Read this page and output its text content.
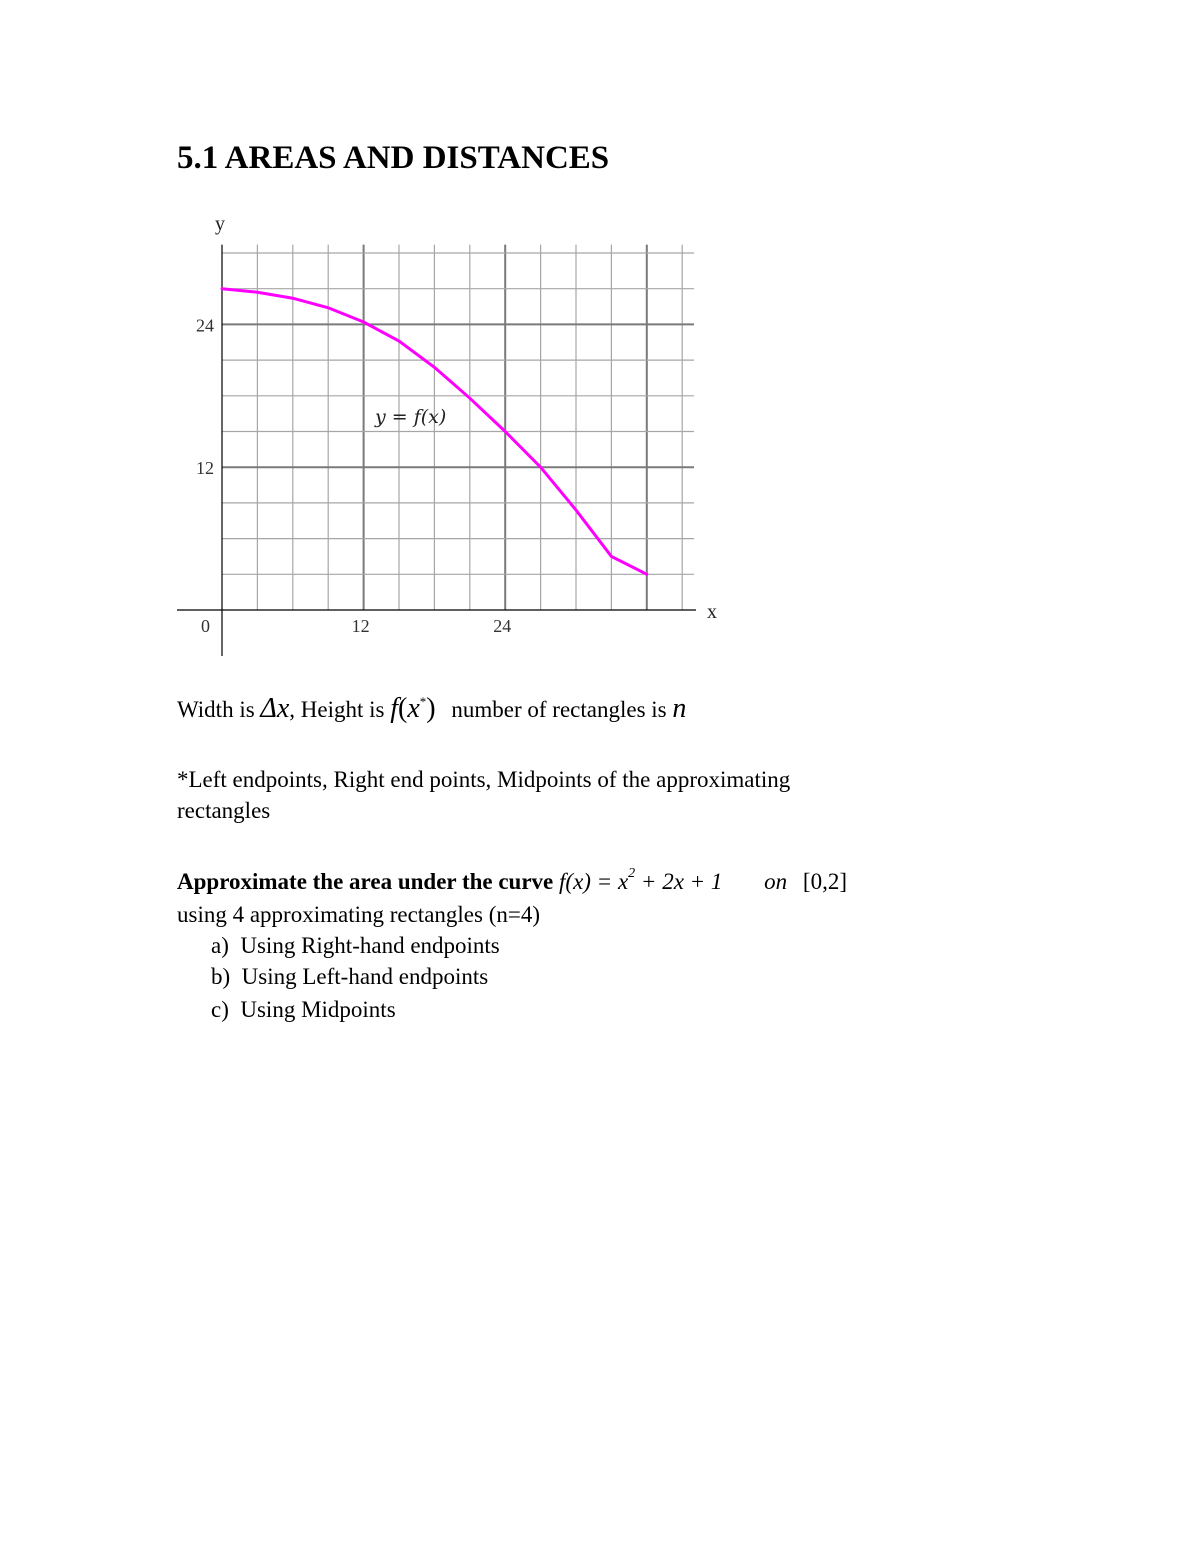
5.1 AREAS AND DISTANCES
x
y
0	12	24
24
12
y = f(x)
Width is Δx, Height is f(x*) number of rectangles is n
*Left endpoints, Right end points, Midpoints of the approximating
rectangles
Approximate the area under the curve $f(x) = x^2 + 2x + 1$ on [0,2]
using 4 approximating rectangles (n=4)
a) Using Right-hand endpoints
b) Using Left-hand endpoints
c) Using Midpoints
